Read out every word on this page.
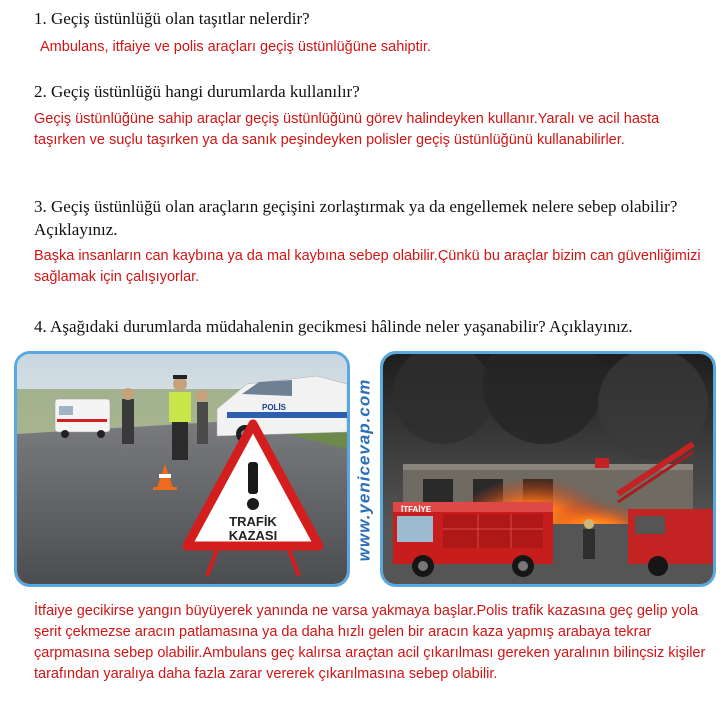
1. Geçiş üstünlüğü olan taşıtlar nelerdir?

Ambulans, itfaiye ve polis araçları geçiş üstünlüğüne sahiptir.

2. Geçiş üstünlüğü hangi durumlarda kullanılır?

Geçiş üstünlüğüne sahip araçlar geçiş üstünlüğünü görev halindeyken kullanır.Yaralı ve acil hasta taşırken ve suçlu taşırken ya da sanık peşindeyken polisler geçiş üstünlüğünü kullanabilirler.

3. Geçiş üstünlüğü olan araçların geçişini zorlaştırmak ya da engellemek nelere sebep olabilir? Açıklayınız.

Başka insanların can kaybına ya da mal kaybına sebep olabilir.Çünkü bu araçlar bizim can güvenliğimizi sağlamak için çalışıyorlar.

4. Aşağıdaki durumlarda müdahalenin gecikmesi hâlinde neler yaşanabilir? Açıklayınız.

POLİS
TRAFİK
KAZASI	www.yenicevap.com	İTFAİYE

İtfaiye gecikirse yangın büyüyerek yanında ne varsa yakmaya başlar.Polis trafik kazasına geç gelip yola şerit çekmezse aracın patlamasına ya da daha hızlı gelen bir aracın kaza yapmış arabaya tekrar çarpmasına sebep olabilir.Ambulans geç kalırsa araçtan acil çıkarılması gereken yaralının bilinçsiz kişiler tarafından yaralıya daha fazla zarar vererek çıkarılmasına sebep olabilir.
